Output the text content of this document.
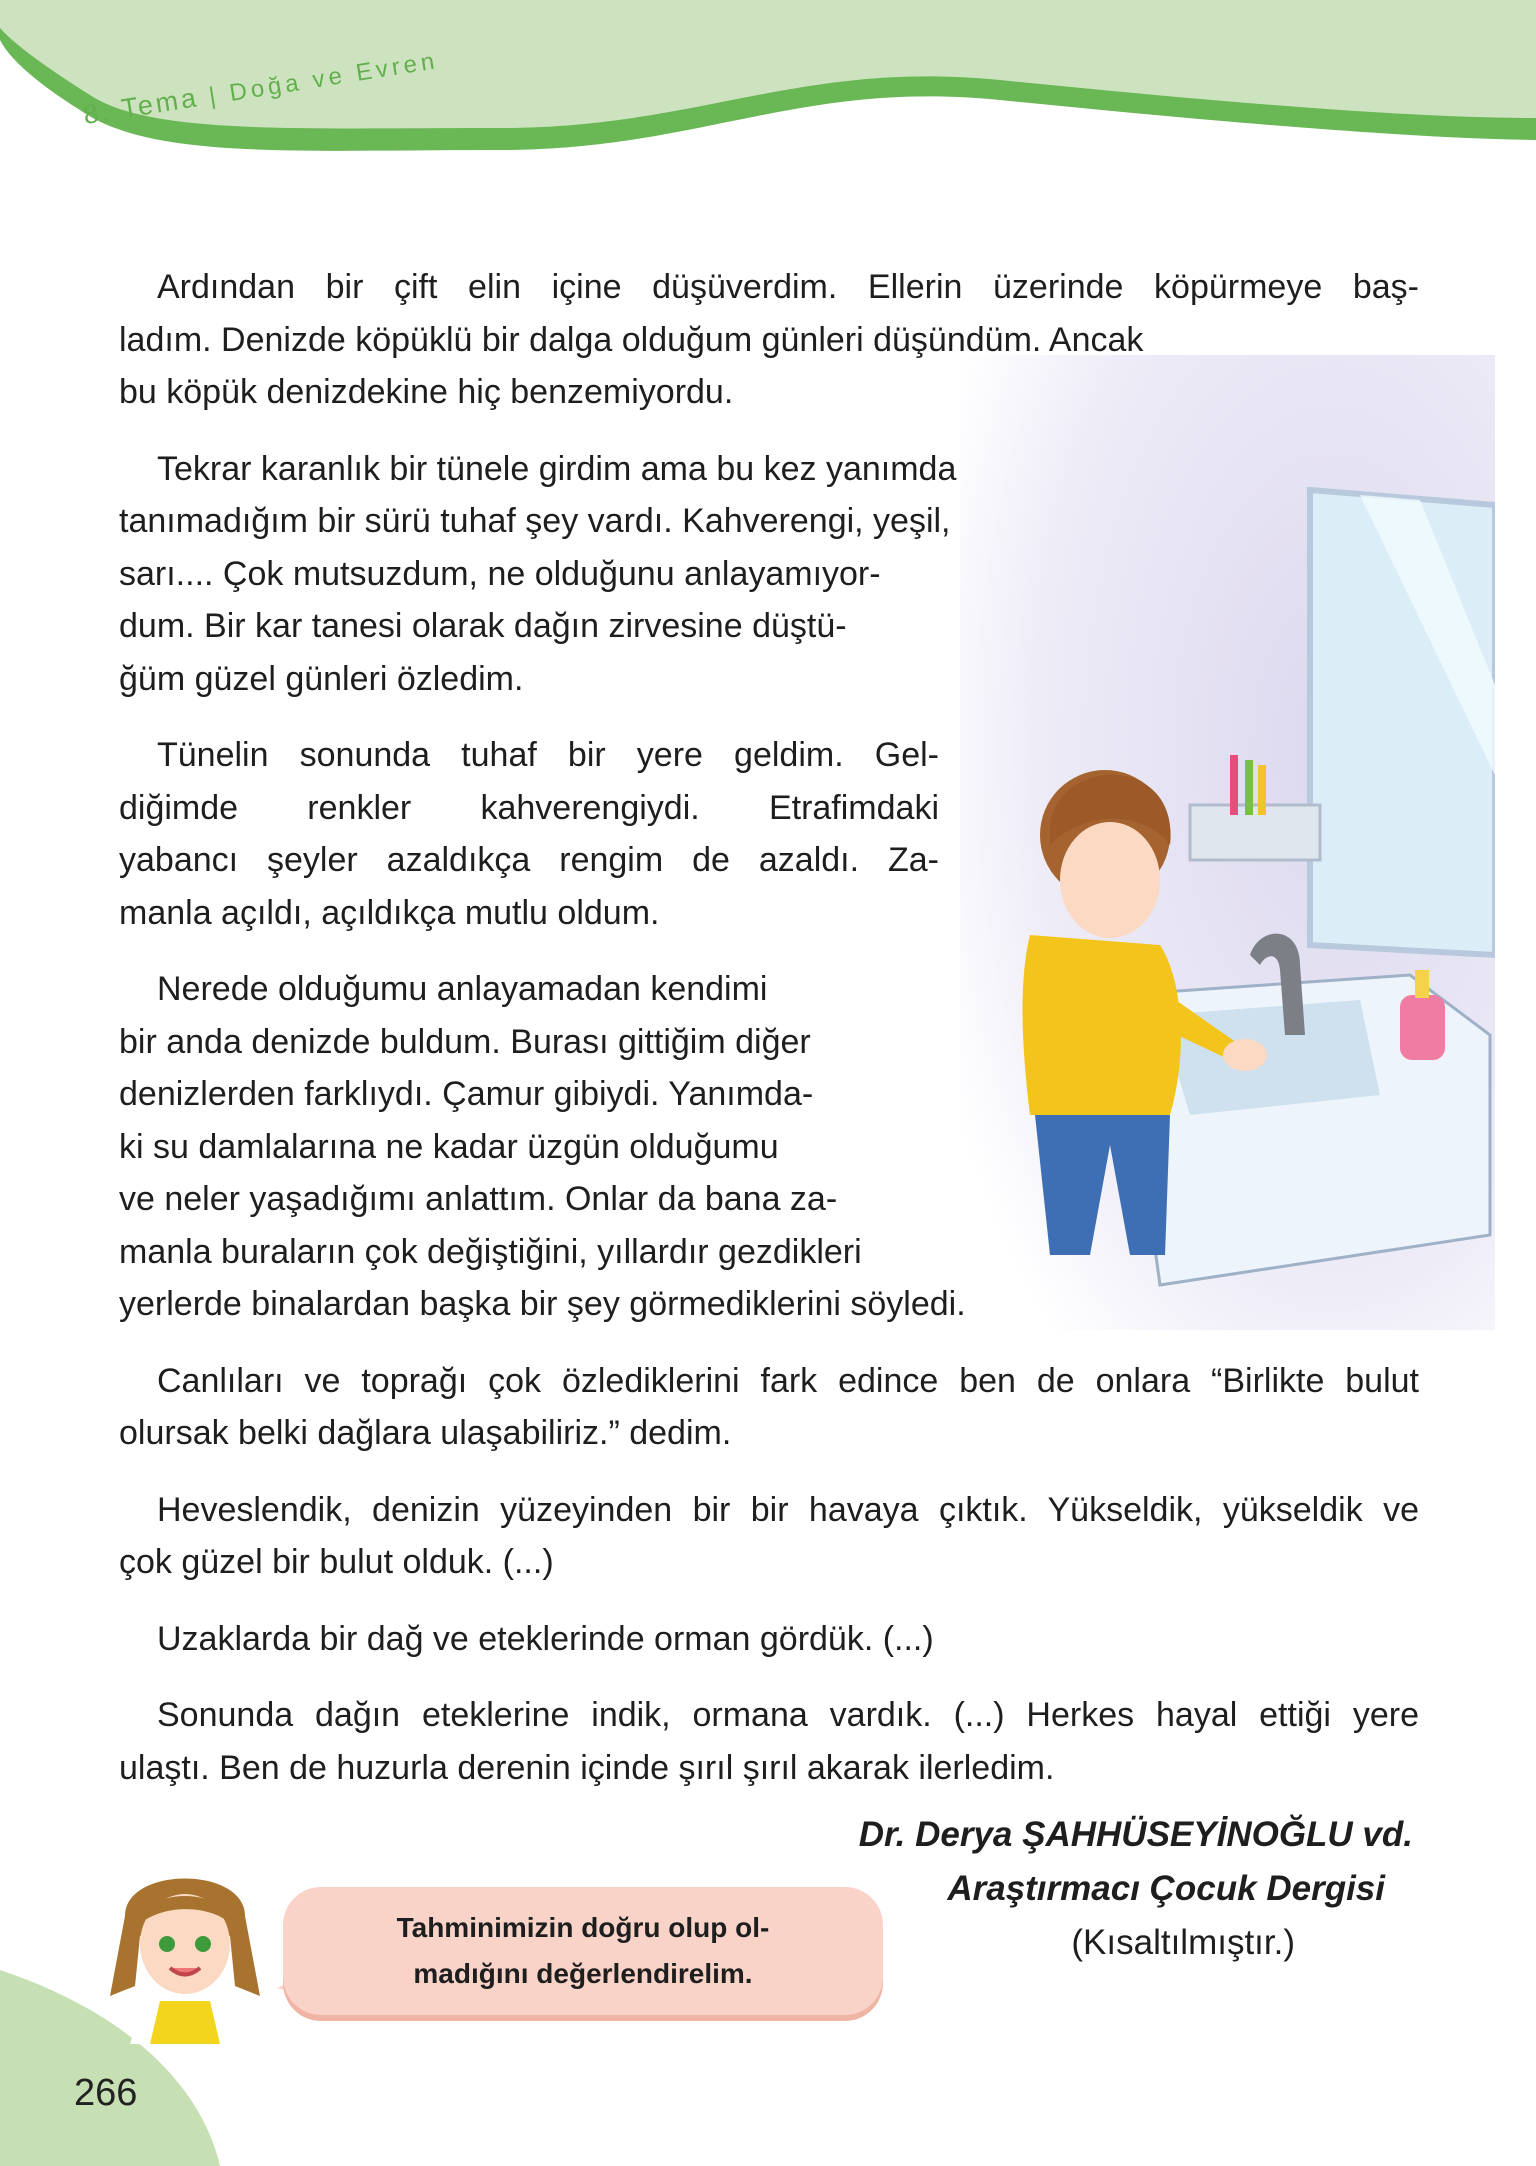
8. Tema | Doğa ve Evren
Ardından bir çift elin içine düşüverdim. Ellerin üzerinde köpürmeye baş-
ladım. Denizde köpüklü bir dalga olduğum günleri düşündüm. Ancak
bu köpük denizdekine hiç benzemiyordu.
Tekrar karanlık bir tünele girdim ama bu kez yanımda
tanımadığım bir sürü tuhaf şey vardı. Kahverengi, yeşil,
sarı.... Çok mutsuzdum, ne olduğunu anlayamıyor-
dum. Bir kar tanesi olarak dağın zirvesine düştü-
ğüm güzel günleri özledim.
Tünelin sonunda tuhaf bir yere geldim. Gel-
diğimde renkler kahverengiydi. Etrafimdaki
yabancı şeyler azaldıkça rengim de azaldı. Za-
manla açıldı, açıldıkça mutlu oldum.
Nerede olduğumu anlayamadan kendimi
bir anda denizde buldum. Burası gittiğim diğer
denizlerden farklıydı. Çamur gibiydi. Yanımda-
ki su damlalarına ne kadar üzgün olduğumu
ve neler yaşadığımı anlattım. Onlar da bana za-
manla buraların çok değiştiğini, yıllardır gezdikleri
yerlerde binalardan başka bir şey görmediklerini söyledi.
Canlıları ve toprağı çok özlediklerini fark edince ben de onlara “Birlikte bulut
olursak belki dağlara ulaşabiliriz.” dedim.
Heveslendik, denizin yüzeyinden bir bir havaya çıktık. Yükseldik, yükseldik ve
çok güzel bir bulut olduk. (...)
Uzaklarda bir dağ ve eteklerinde orman gördük. (...)
Sonunda dağın eteklerine indik, ormana vardık. (...) Herkes hayal ettiği yere
ulaştı. Ben de huzurla derenin içinde şırıl şırıl akarak ilerledim.
Dr. Derya ŞAHHÜSEYİNOĞLU vd.
Tahminimizin doğru olup ol-
madığını değerlendirelim.
Araştırmacı Çocuk Dergisi
(Kısaltılmıştır.)
266
